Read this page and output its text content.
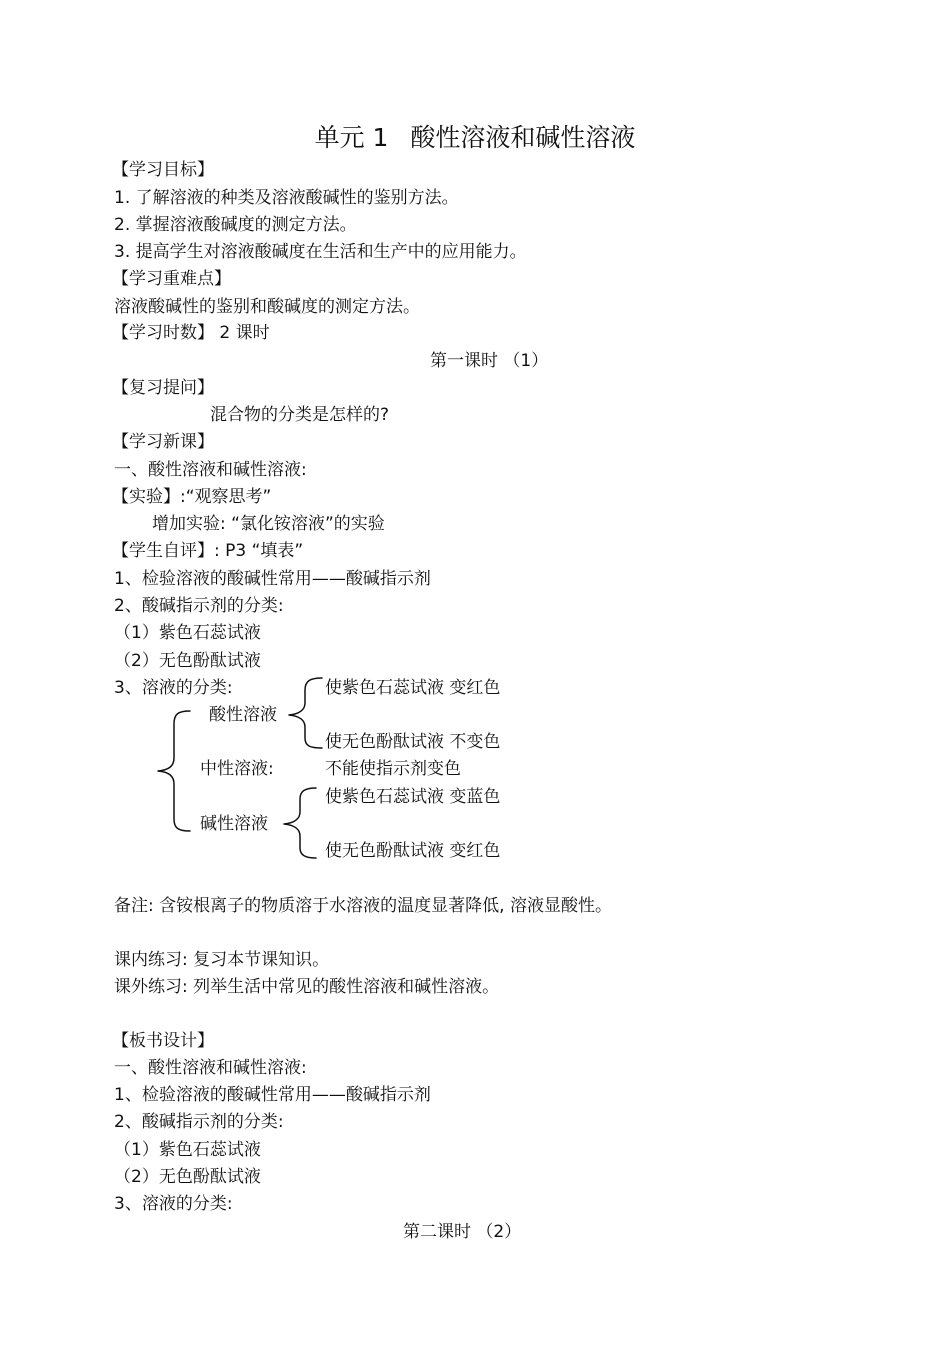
单元 1 酸性溶液和碱性溶液
【学习目标】
1. 了解溶液的种类及溶液酸碱性的鉴别方法。
2. 掌握溶液酸碱度的测定方法。
3. 提高学生对溶液酸碱度在生活和生产中的应用能力。
【学习重难点】
溶液酸碱性的鉴别和酸碱度的测定方法。
【学习时数】 2 课时
第一课时 （1）
【复习提问】
混合物的分类是怎样的?
【学习新课】
一、酸性溶液和碱性溶液:
【实验】:“观察思考”
增加实验: “氯化铵溶液”的实验
【学生自评】: P3 “填表”
1、检验溶液的酸碱性常用——酸碱指示剂
2、酸碱指示剂的分类:
（1）紫色石蕊试液
（2）无色酚酞试液
3、溶液的分类:	使紫色石蕊试液 变红色
酸性溶液
使无色酚酞试液 不变色
中性溶液:	不能使指示剂变色
使紫色石蕊试液 变蓝色
碱性溶液
使无色酚酞试液 变红色
备注: 含铵根离子的物质溶于水溶液的温度显著降低, 溶液显酸性。
课内练习: 复习本节课知识。
课外练习: 列举生活中常见的酸性溶液和碱性溶液。
【板书设计】
一、酸性溶液和碱性溶液:
1、检验溶液的酸碱性常用——酸碱指示剂
2、酸碱指示剂的分类:
（1）紫色石蕊试液
（2）无色酚酞试液
3、溶液的分类:
第二课时 （2）
